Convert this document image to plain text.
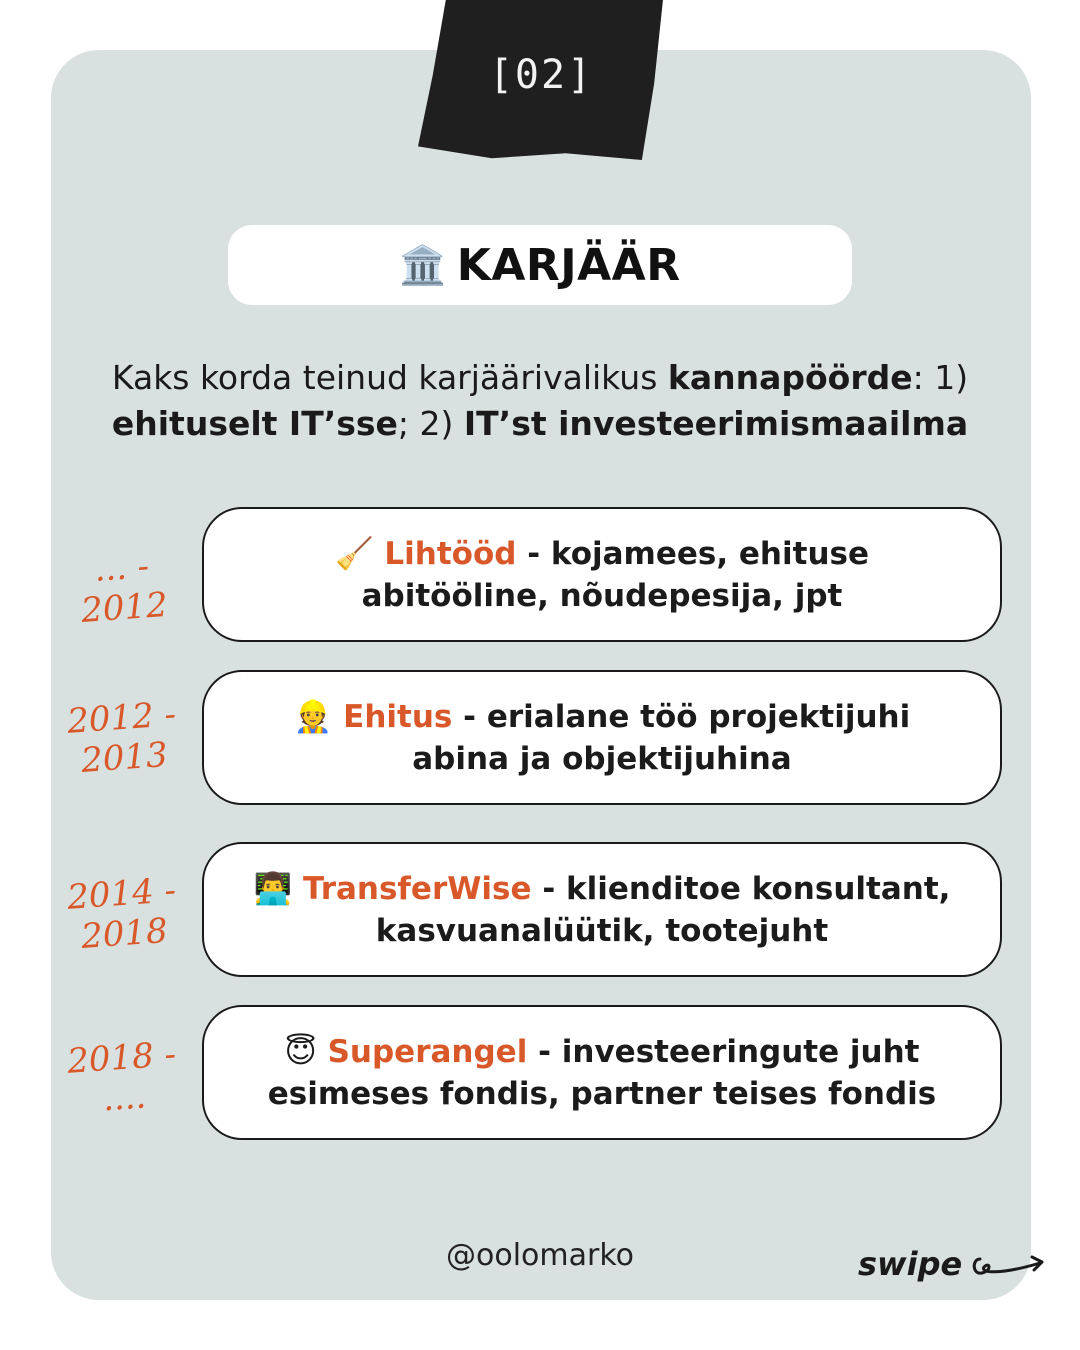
[02]
🏛️ KARJÄÄR
Kaks korda teinud karjäärivalikus kannapöörde: 1)
ehituselt IT’sse; 2) IT’st investeerimismaailma
... -
2012
🧹 Lihtööd - kojamees, ehituse
abitööline, nõudepesija, jpt
2012 -
2013
👷 Ehitus - erialane töö projektijuhi
abina ja objektijuhina
2014 -
2018
👨‍💻 TransferWise - klienditoe konsultant,
kasvuanalüütik, tootejuht
2018 -
....
😇 Superangel - investeeringute juht
esimeses fondis, partner teises fondis
@oolomarko	swipe
